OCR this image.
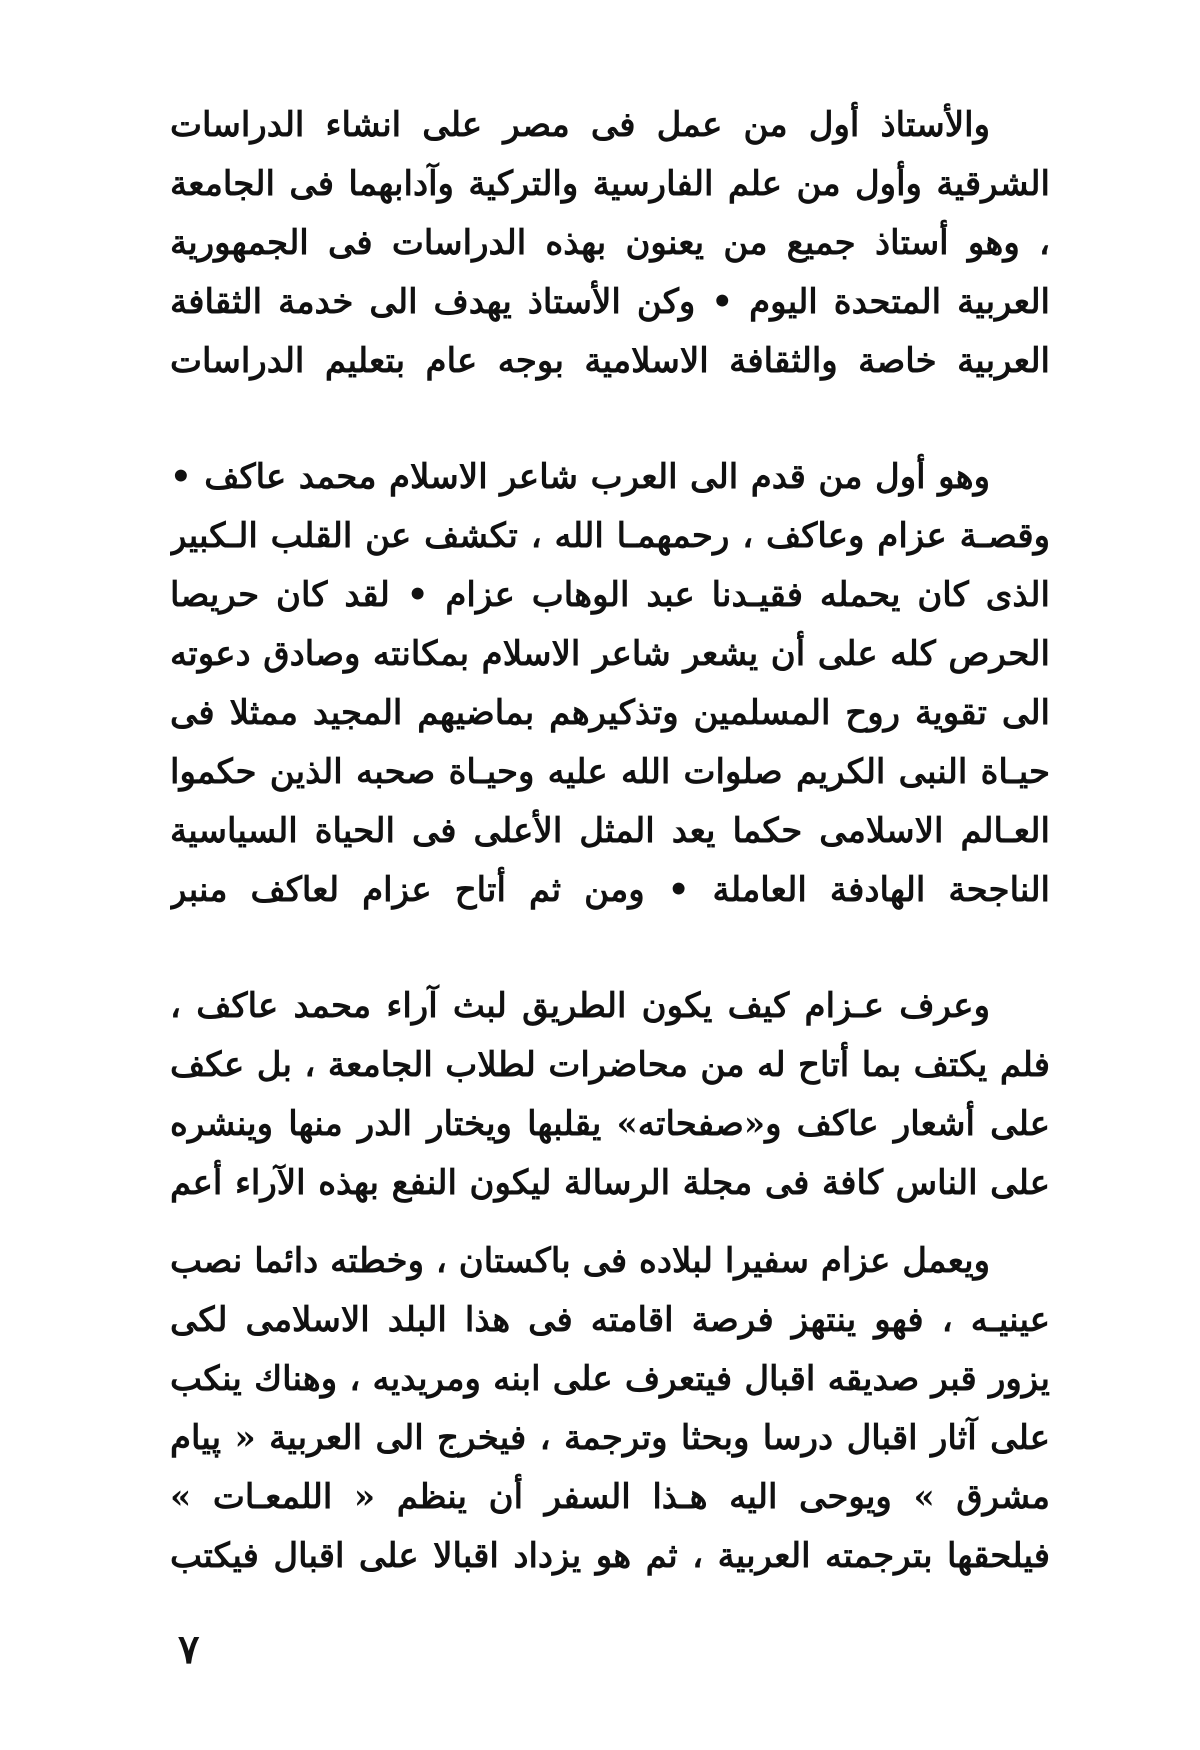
والأستاذ أول من عمل فى مصر على انشاء الدراسات الشرقية وأول من علم الفارسية والتركية وآدابهما فى الجامعة ، وهو أستاذ جميع من يعنون بهذه الدراسات فى الجمهورية العربية المتحدة اليوم • وكن الأستاذ يهدف الى خدمة الثقافة العربية خاصة والثقافة الاسلامية بوجه عام بتعليم الدراسات

وهو أول من قدم الى العرب شاعر الاسلام محمد عاكف • وقصـة عزام وعاكف ، رحمهمـا الله ، تكشف عن القلب الـكبير الذى كان يحمله فقيـدنا عبد الوهاب عزام • لقد كان حريصا الحرص كله على أن يشعر شاعر الاسلام بمكانته وصادق دعوته الى تقوية روح المسلمين وتذكيرهم بماضيهم المجيد ممثلا فى حيـاة النبى الكريم صلوات الله عليه وحيـاة صحبه الذين حكموا العـالم الاسلامى حكما يعد المثل الأعلى فى الحياة السياسية الناجحة الهادفة العاملة • ومن ثم أتاح عزام لعاكف منبر

وعرف عـزام كيف يكون الطريق لبث آراء محمد عاكف ، فلم يكتف بما أتاح له من محاضرات لطلاب الجامعة ، بل عكف على أشعار عاكف و«صفحاته» يقلبها ويختار الدر منها وينشره على الناس كافة فى مجلة الرسالة ليكون النفع بهذه الآراء أعم

ويعمل عزام سفيرا لبلاده فى باكستان ، وخطته دائما نصب عينيـه ، فهو ينتهز فرصة اقامته فى هذا البلد الاسلامى لكى يزور قبر صديقه اقبال فيتعرف على ابنه ومريديه ، وهناك ينكب على آثار اقبال درسا وبحثا وترجمة ، فيخرج الى العربية « پيام مشرق » ويوحى اليه هـذا السفر أن ينظم « اللمعـات » فيلحقها بترجمته العربية ، ثم هو يزداد اقبالا على اقبال فيكتب

٧
